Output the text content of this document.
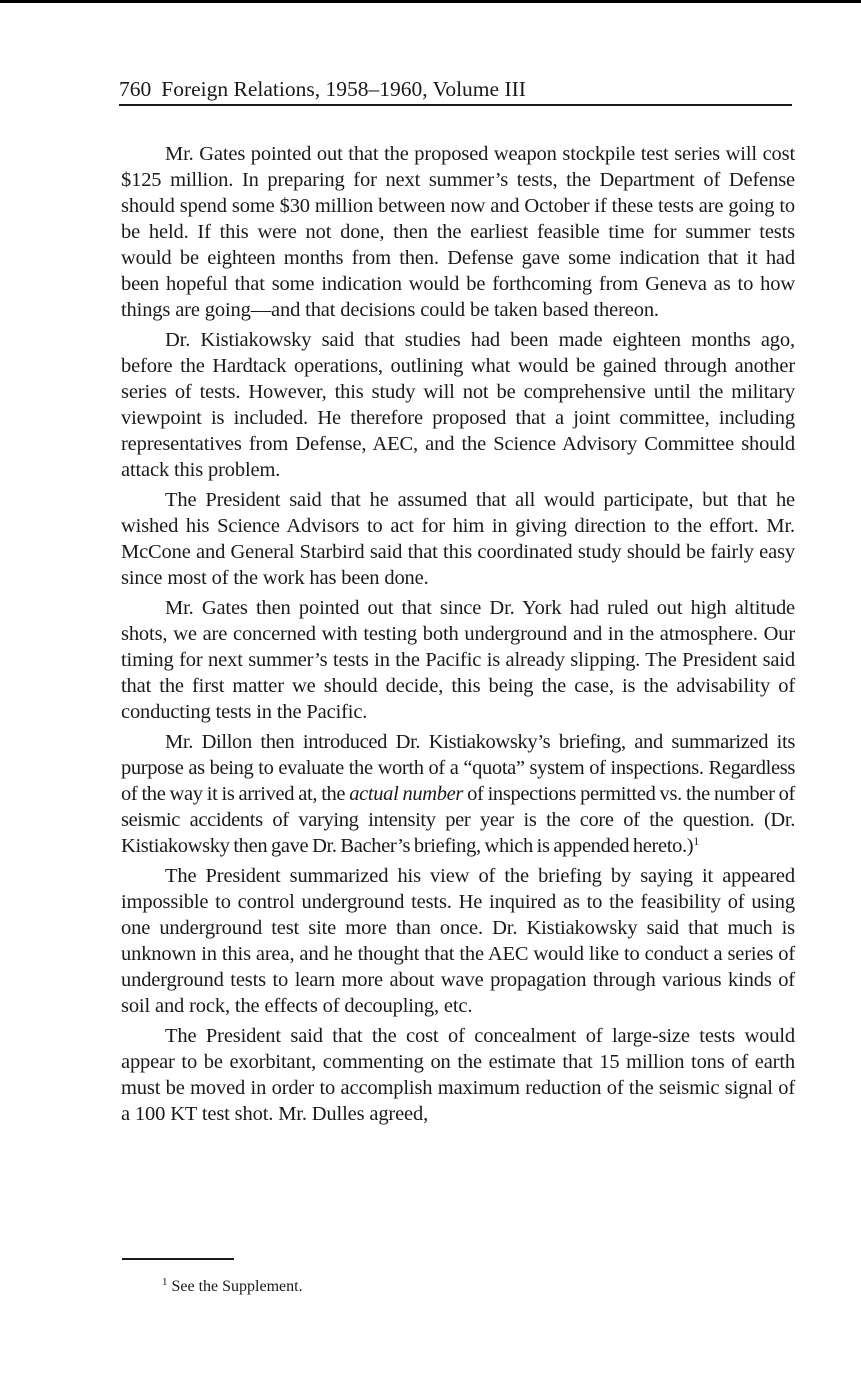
760 Foreign Relations, 1958–1960, Volume III

Mr. Gates pointed out that the proposed weapon stockpile test series will cost $125 million. In preparing for next summer’s tests, the Department of Defense should spend some $30 million between now and October if these tests are going to be held. If this were not done, then the earliest feasible time for summer tests would be eighteen months from then. Defense gave some indication that it had been hopeful that some indication would be forthcoming from Geneva as to how things are going—and that decisions could be taken based thereon.

Dr. Kistiakowsky said that studies had been made eighteen months ago, before the Hardtack operations, outlining what would be gained through another series of tests. However, this study will not be comprehensive until the military viewpoint is included. He therefore proposed that a joint committee, including representatives from Defense, AEC, and the Science Advisory Committee should attack this problem.

The President said that he assumed that all would participate, but that he wished his Science Advisors to act for him in giving direction to the effort. Mr. McCone and General Starbird said that this coordinated study should be fairly easy since most of the work has been done.

Mr. Gates then pointed out that since Dr. York had ruled out high altitude shots, we are concerned with testing both underground and in the atmosphere. Our timing for next summer’s tests in the Pacific is already slipping. The President said that the first matter we should decide, this being the case, is the advisability of conducting tests in the Pacific.

Mr. Dillon then introduced Dr. Kistiakowsky’s briefing, and summarized its purpose as being to evaluate the worth of a “quota” system of inspections. Regardless of the way it is arrived at, the actual number of inspections permitted vs. the number of seismic accidents of varying intensity per year is the core of the question. (Dr. Kistiakowsky then gave Dr. Bacher’s briefing, which is appended hereto.)$^1$

The President summarized his view of the briefing by saying it appeared impossible to control underground tests. He inquired as to the feasibility of using one underground test site more than once. Dr. Kistiakowsky said that much is unknown in this area, and he thought that the AEC would like to conduct a series of underground tests to learn more about wave propagation through various kinds of soil and rock, the effects of decoupling, etc.

The President said that the cost of concealment of large-size tests would appear to be exorbitant, commenting on the estimate that 15 million tons of earth must be moved in order to accomplish maximum reduction of the seismic signal of a 100 KT test shot. Mr. Dulles agreed,

$^1$ See the Supplement.
